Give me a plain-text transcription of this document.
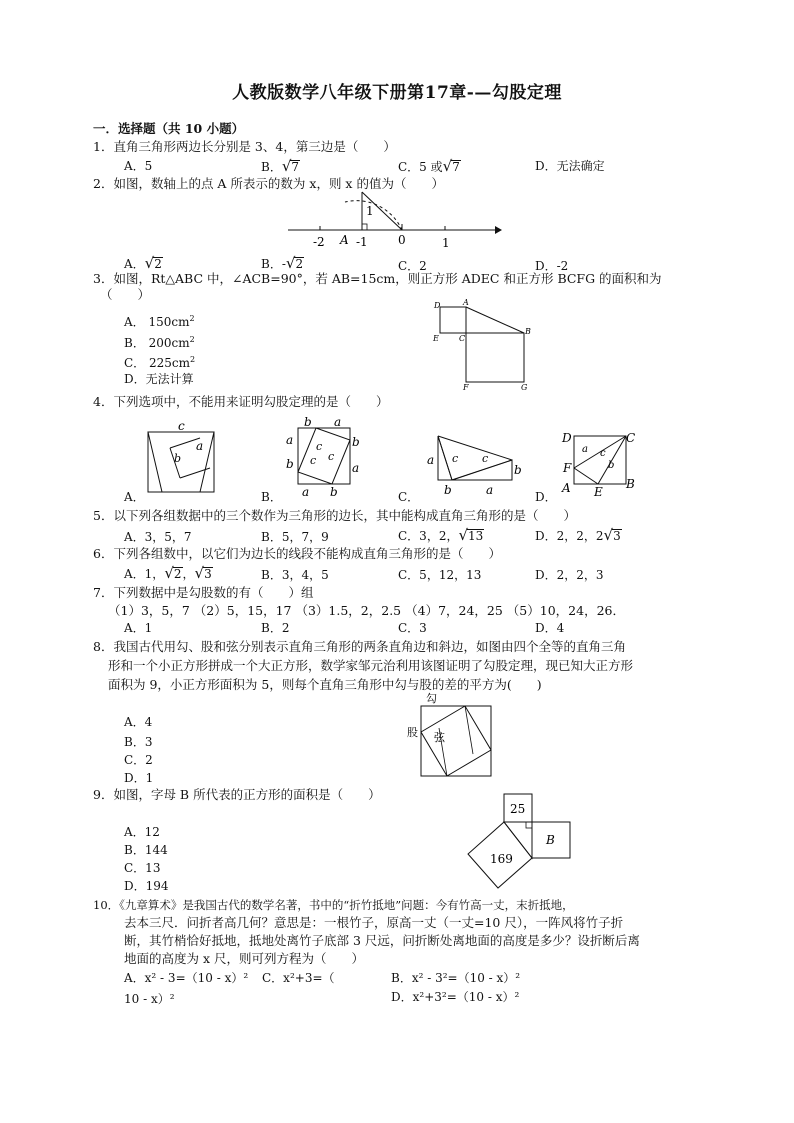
人教版数学八年级下册第17章-—勾股定理
一．选择题（共 10 小题）
1．直角三角形两边长分别是 3、4，第三边是（　　）
A．5	B．√7	C．5 或√7	D．无法确定
2．如图，数轴上的点 A 所表示的数为 x，则 x 的值为（　　）
-2 A -1	0	1
1
A．√2	B．-√2	C．2	D．-2
3．如图，Rt△ABC 中，∠ACB=90°，若 AB=15cm，则正方形 ADEC 和正方形 BCFG 的面积和为
（　　）
A． $150cm^2$
B． $200cm^2$
C． $225cm^2$
D．无法计算
D	A
B
E	C
F	G
4．下列选项中，不能用来证明勾股定理的是（　　）
c
a
b
b a
a
b
b
a
a b
c
c c	a c c
b	a
b
D	C
F
A E
B
a c
b
A．	B．	C．	D．
5．以下列各组数据中的三个数作为三角形的边长，其中能构成直角三角形的是（　　）
A．3，5，7	B．5，7，9	C．3，2，√13	D．2，2，2√3
6．下列各组数中，以它们为边长的线段不能构成直角三角形的是（　　）
A．1，√2，√3	B．3，4，5	C．5，12，13	D．2，2，3
7．下列数据中是勾股数的有（　　）组
（1）3，5，7 （2）5，15，17 （3）1.5，2，2.5 （4）7，24，25 （5）10，24，26．
A．1	B．2	C．3	D．4
8．我国古代用勾、股和弦分别表示直角三角形的两条直角边和斜边，如图由四个全等的直角三角
形和一个小正方形拼成一个大正方形，数学家邹元治利用该图证明了勾股定理，现已知大正方形
面积为 9，小正方形面积为 5，则每个直角三角形中勾与股的差的平方为(　　)
A．4
B．3
C．2
D．1
勾
股 弦
9．如图，字母 B 所代表的正方形的面积是（　　）
A．12
B．144
C．13
D．194
25
B
169
10．《九章算术》是我国古代的数学名著，书中的“折竹抵地”问题：今有竹高一丈，末折抵地，
去本三尺．问折者高几何？意思是：一根竹子，原高一丈（一丈=10 尺），一阵风将竹子折
断，其竹梢恰好抵地，抵地处离竹子底部 3 尺远，问折断处离地面的高度是多少？设折断后离
地面的高度为 x 尺，则可列方程为（　　）
A．x² - 3=（10 - x）² C．x²+3=（	B．x² - 3²=（10 - x）²
10 - x）²	D．x²+3²=（10 - x）²
